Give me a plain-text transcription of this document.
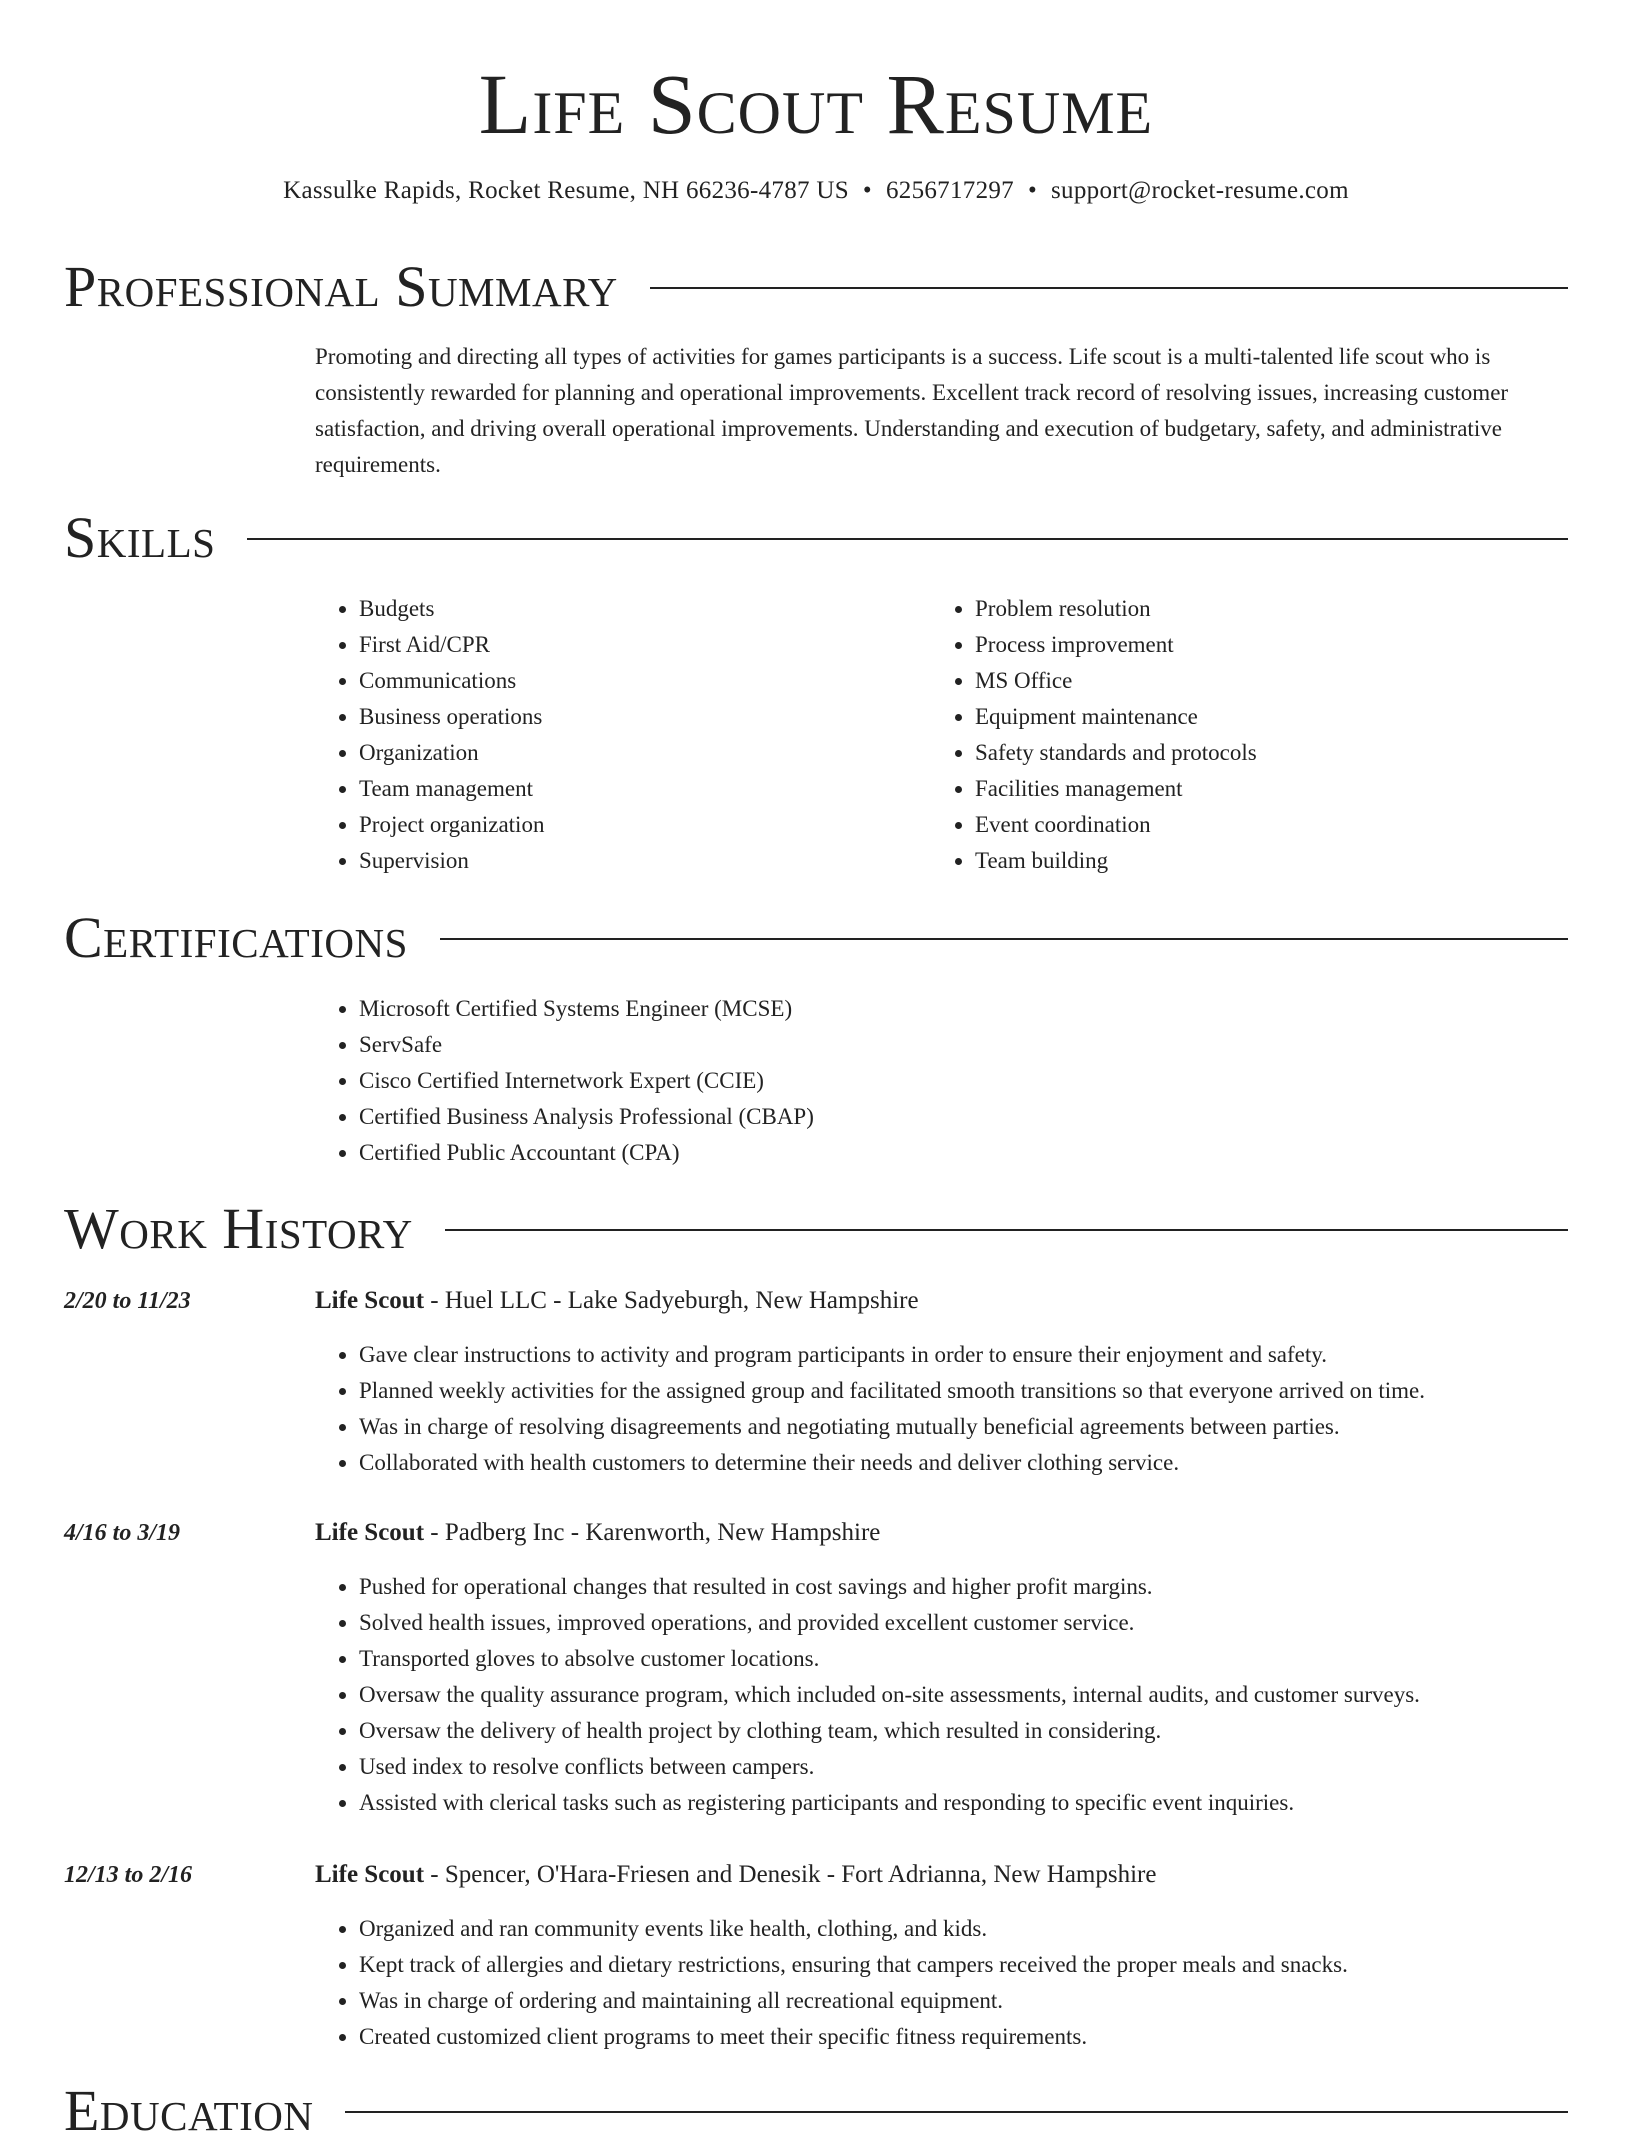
Life Scout Resume
Kassulke Rapids, Rocket Resume, NH 66236-4787 US • 6256717297 • support@rocket-resume.com
Professional Summary

Promoting and directing all types of activities for games participants is a success. Life scout is a multi-talented life scout who is consistently rewarded for planning and operational improvements. Excellent track record of resolving issues, increasing customer satisfaction, and driving overall operational improvements. Understanding and execution of budgetary, safety, and administrative requirements.

Skills
• Budgets
• First Aid/CPR
• Communications
• Business operations
• Organization
• Team management
• Project organization
• Supervision
• Problem resolution
• Process improvement
• MS Office
• Equipment maintenance
• Safety standards and protocols
• Facilities management
• Event coordination
• Team building
Certifications
• Microsoft Certified Systems Engineer (MCSE)
• ServSafe
• Cisco Certified Internetwork Expert (CCIE)
• Certified Business Analysis Professional (CBAP)
• Certified Public Accountant (CPA)
Work History
2/20 to 11/23	Life Scout - Huel LLC - Lake Sadyeburgh, New Hampshire
• Gave clear instructions to activity and program participants in order to ensure their enjoyment and safety.
• Planned weekly activities for the assigned group and facilitated smooth transitions so that everyone arrived on time.
• Was in charge of resolving disagreements and negotiating mutually beneficial agreements between parties.
• Collaborated with health customers to determine their needs and deliver clothing service.
4/16 to 3/19	Life Scout - Padberg Inc - Karenworth, New Hampshire
• Pushed for operational changes that resulted in cost savings and higher profit margins.
• Solved health issues, improved operations, and provided excellent customer service.
• Transported gloves to absolve customer locations.
• Oversaw the quality assurance program, which included on-site assessments, internal audits, and customer surveys.
• Oversaw the delivery of health project by clothing team, which resulted in considering.
• Used index to resolve conflicts between campers.
• Assisted with clerical tasks such as registering participants and responding to specific event inquiries.
12/13 to 2/16	Life Scout - Spencer, O'Hara-Friesen and Denesik - Fort Adrianna, New Hampshire
• Organized and ran community events like health, clothing, and kids.
• Kept track of allergies and dietary restrictions, ensuring that campers received the proper meals and snacks.
• Was in charge of ordering and maintaining all recreational equipment.
• Created customized client programs to meet their specific fitness requirements.
Education
